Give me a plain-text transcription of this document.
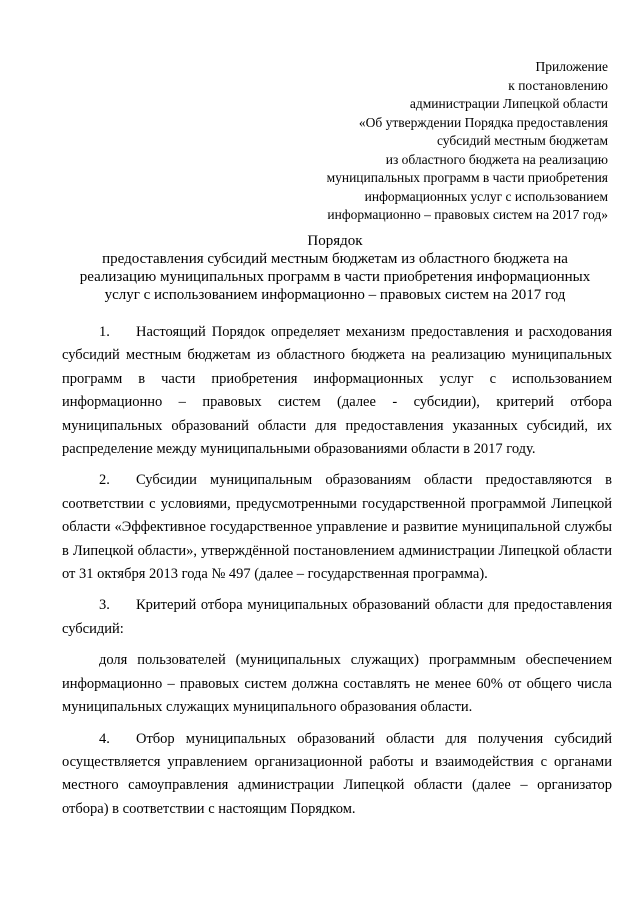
Приложение
к постановлению
администрации Липецкой области
«Об утверждении Порядка предоставления
субсидий местным бюджетам
из областного бюджета на реализацию
муниципальных программ в части приобретения
информационных услуг с использованием
информационно – правовых систем на 2017 год»
Порядок
предоставления субсидий местным бюджетам из областного бюджета на
реализацию муниципальных программ в части приобретения информационных
услуг с использованием информационно – правовых систем на 2017 год

1. Настоящий Порядок определяет механизм предоставления и расходования субсидий местным бюджетам из областного бюджета на реализацию муниципальных программ в части приобретения информационных услуг с использованием информационно – правовых систем (далее - субсидии), критерий отбора муниципальных образований области для предоставления указанных субсидий, их распределение между муниципальными образованиями области в 2017 году.

2. Субсидии муниципальным образованиям области предоставляются в соответствии с условиями, предусмотренными государственной программой Липецкой области «Эффективное государственное управление и развитие муниципальной службы в Липецкой области», утверждённой постановлением администрации Липецкой области от 31 октября 2013 года № 497 (далее – государственная программа).

3. Критерий отбора муниципальных образований области для предоставления субсидий:

доля пользователей (муниципальных служащих) программным обеспечением информационно – правовых систем должна составлять не менее 60% от общего числа муниципальных служащих муниципального образования области.

4. Отбор муниципальных образований области для получения субсидий осуществляется управлением организационной работы и взаимодействия с органами местного самоуправления администрации Липецкой области (далее – организатор отбора) в соответствии с настоящим Порядком.
